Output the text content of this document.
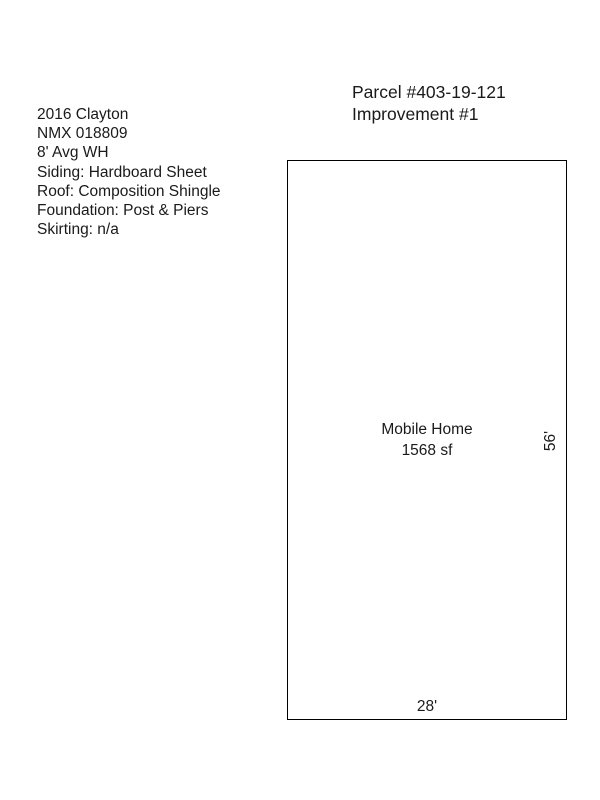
Parcel #403-19-121
Improvement #1
2016 Clayton
NMX 018809
8' Avg WH
Siding: Hardboard Sheet
Roof: Composition Shingle
Foundation: Post & Piers
Skirting: n/a
Mobile Home
1568 sf	56'
28'
